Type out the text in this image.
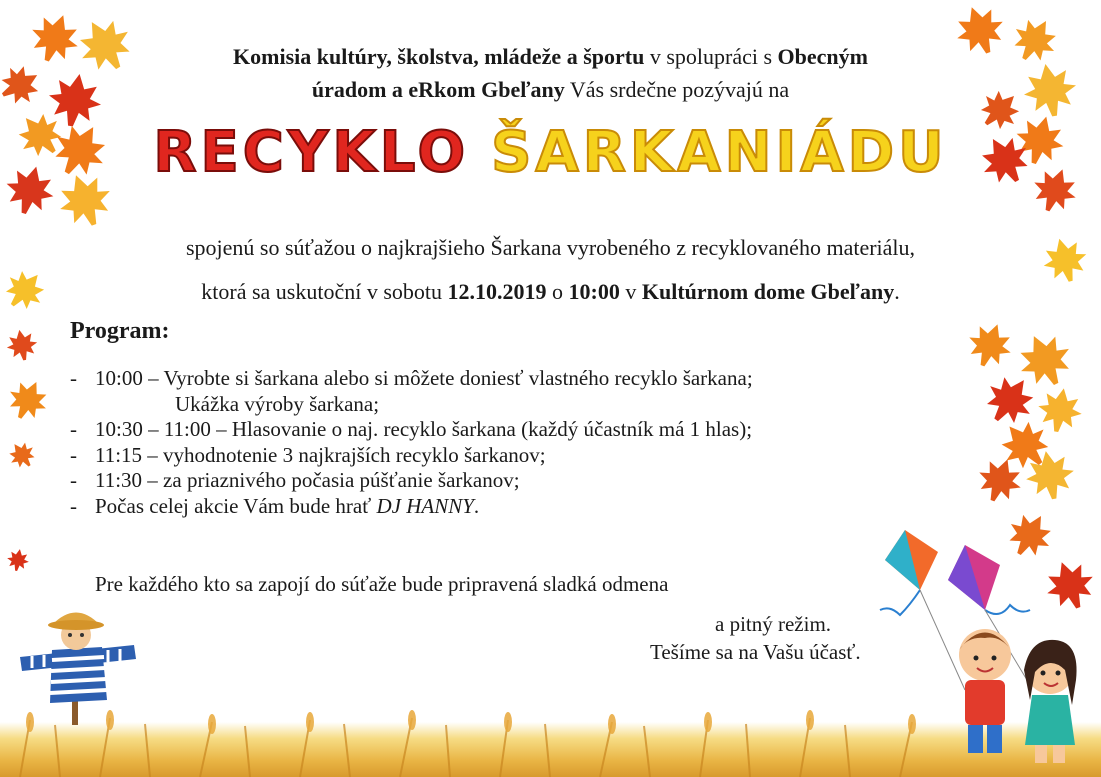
Komisia kultúry, školstva, mládeže a športu v spolupráci s Obecným
úradom a eRkom Gbeľany Vás srdečne pozývajú na
RECYKLO ŠARKANIÁDU
spojenú so súťažou o najkrajšieho Šarkana vyrobeného z recyklovaného materiálu,
ktorá sa uskutoční v sobotu 12.10.2019 o 10:00 v Kultúrnom dome Gbeľany.
Program:
- 10:00 – Vyrobte si šarkana alebo si môžete doniesť vlastného recyklo šarkana;
Ukážka výroby šarkana;
- 10:30 – 11:00 – Hlasovanie o naj. recyklo šarkana (každý účastník má 1 hlas);
- 11:15 – vyhodnotenie 3 najkrajších recyklo šarkanov;
- 11:30 – za priaznivého počasia púšťanie šarkanov;
- Počas celej akcie Vám bude hrať
DJ HANNY .
Pre každého kto sa zapojí do súťaže bude pripravená sladká odmena
a pitný režim.
Tešíme sa na Vašu účasť.
